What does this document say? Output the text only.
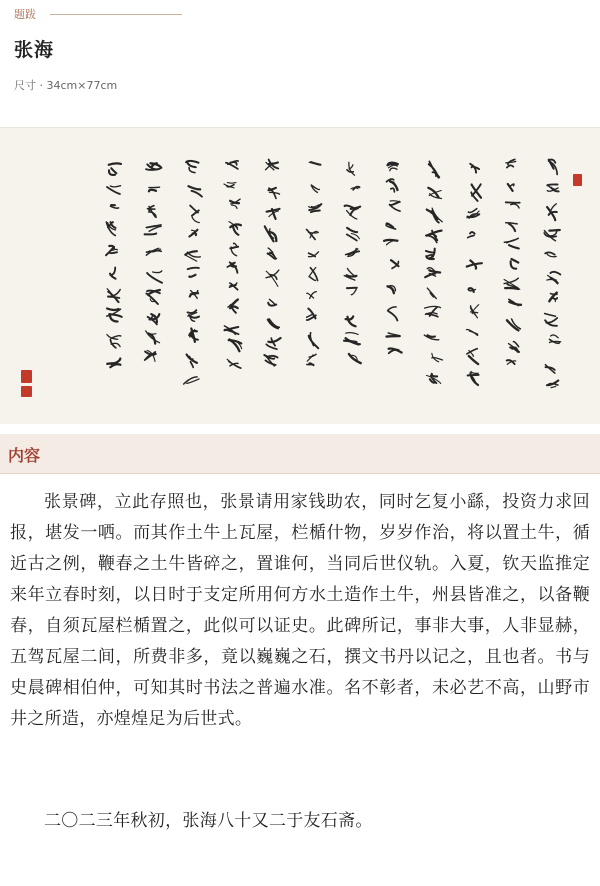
题跋
张海
尺寸 · 34cm×77cm
内容

张景碑，立此存照也，张景请用家钱助农，同时乞复小繇，投资力求回报，堪发一哂。而其作土牛上瓦屋，栏楯什物，岁岁作治，将以置土牛，循近古之例，鞭春之土牛皆碎之，置谁何，当同后世仪轨。入夏，钦天监推定来年立春时刻，以日时于支定所用何方水土造作土牛，州县皆准之，以备鞭春，自须瓦屋栏楯置之，此似可以证史。此碑所记，事非大事，人非显赫，五驾瓦屋二间，所费非多，竟以巍巍之石，撰文书丹以记之，且也者。书与史晨碑相伯仲，可知其时书法之普遍水准。名不彰者，未必艺不高，山野市井之所造，亦煌煌足为后世式。

二〇二三年秋初，张海八十又二于友石斋。
